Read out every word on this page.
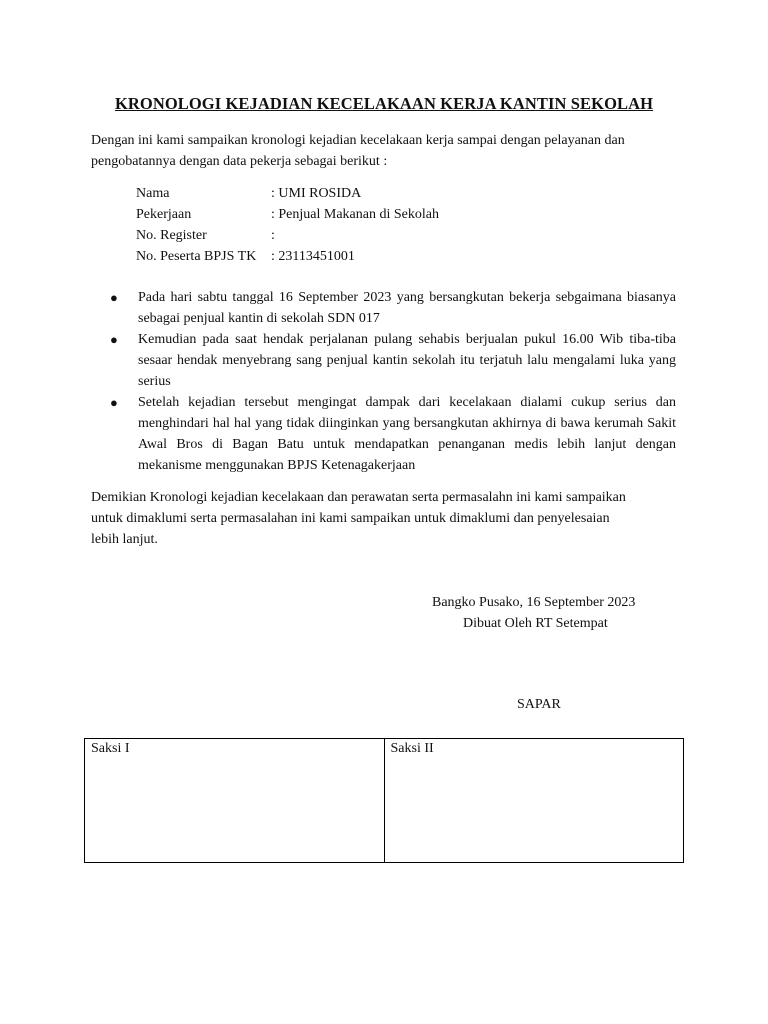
KRONOLOGI KEJADIAN KECELAKAAN KERJA KANTIN SEKOLAH
Dengan ini kami sampaikan kronologi kejadian kecelakaan kerja sampai dengan pelayanan dan
pengobatannya dengan data pekerja sebagai berikut :
Nama	: UMI ROSIDA
Pekerjaan	: Penjual Makanan di Sekolah
No. Register	:
No. Peserta BPJS TK	: 23113451001
●	Pada hari sabtu tanggal 16 September 2023 yang bersangkutan bekerja sebgaimana biasanya sebagai penjual kantin di sekolah SDN 017
●	Kemudian pada saat hendak perjalanan pulang sehabis berjualan pukul 16.00 Wib tiba-tiba sesaar hendak menyebrang sang penjual kantin sekolah itu terjatuh lalu mengalami luka yang serius
●	Setelah kejadian tersebut mengingat dampak dari kecelakaan dialami cukup serius dan menghindari hal hal yang tidak diinginkan yang bersangkutan akhirnya di bawa kerumah Sakit Awal Bros di Bagan Batu untuk mendapatkan penanganan medis lebih lanjut dengan mekanisme menggunakan BPJS Ketenagakerjaan
Demikian Kronologi kejadian kecelakaan dan perawatan serta permasalahn ini kami sampaikan
untuk dimaklumi serta permasalahan ini kami sampaikan untuk dimaklumi dan penyelesaian
lebih lanjut.
Bangko Pusako, 16 September 2023
Dibuat Oleh RT Setempat
SAPAR
Saksi I	Saksi II
